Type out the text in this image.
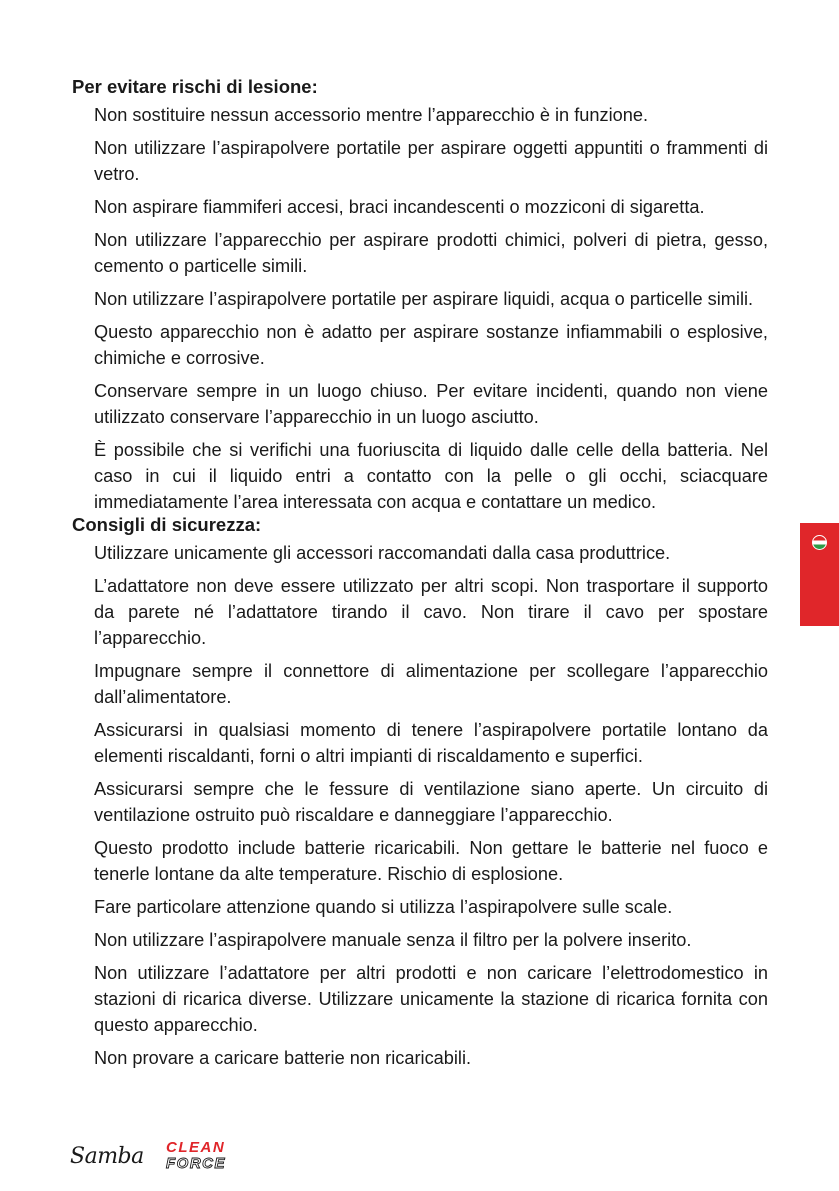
Per evitare rischi di lesione:
Non sostituire nessun accessorio mentre l’apparecchio è in funzione.
Non utilizzare l’aspirapolvere portatile per aspirare oggetti appuntiti o frammenti di vetro.
Non aspirare fiammiferi accesi, braci incandescenti o mozziconi di sigaretta.
Non utilizzare l’apparecchio per aspirare prodotti chimici, polveri di pietra, gesso, cemento o particelle simili.
Non utilizzare l’aspirapolvere portatile per aspirare liquidi, acqua o particelle simili.
Questo apparecchio non è adatto per aspirare sostanze infiammabili o esplosive, chimiche e corrosive.
Conservare sempre in un luogo chiuso. Per evitare incidenti, quando non viene utilizzato conservare l’apparecchio in un luogo asciutto.
È possibile che si verifichi una fuoriuscita di liquido dalle celle della batteria. Nel caso in cui il liquido entri a contatto con la pelle o gli occhi, sciacquare immediatamente l’area interessata con acqua e contattare un medico.
Consigli di sicurezza:
Utilizzare unicamente gli accessori raccomandati dalla casa produttrice.
L’adattatore non deve essere utilizzato per altri scopi. Non trasportare il supporto da parete né l’adattatore tirando il cavo. Non tirare il cavo per spostare l’apparecchio.
Impugnare sempre il connettore di alimentazione per scollegare l’apparecchio dall’alimentatore.
Assicurarsi in qualsiasi momento di tenere l’aspirapolvere portatile lontano da elementi riscaldanti, forni o altri impianti di riscaldamento e superfici.
Assicurarsi sempre che le fessure di ventilazione siano aperte. Un circuito di ventilazione ostruito può riscaldare e danneggiare l’apparecchio.
Questo prodotto include batterie ricaricabili. Non gettare le batterie nel fuoco e tenerle lontane da alte temperature. Rischio di esplosione.
Fare particolare attenzione quando si utilizza l’aspirapolvere sulle scale.
Non utilizzare l’aspirapolvere manuale senza il filtro per la polvere inserito.
Non utilizzare l’adattatore per altri prodotti e non caricare l’elettrodomestico in stazioni di ricarica diverse. Utilizzare unicamente la stazione di ricarica fornita con questo apparecchio.
Non provare a caricare batterie non ricaricabili.
Samba CLEAN
FORCE
